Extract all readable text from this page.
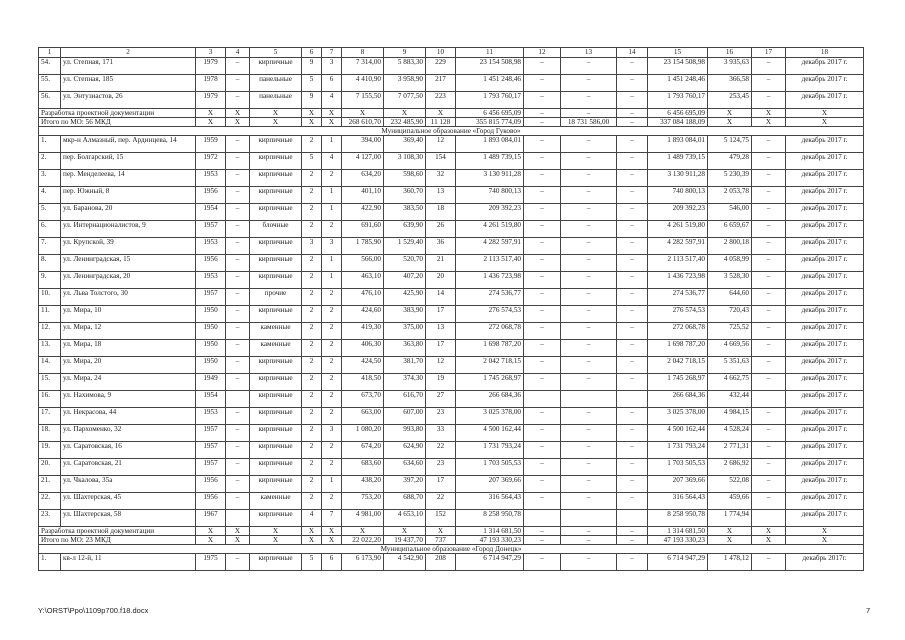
1	2	3	4	5	6	7	8	9	10	11	12	13	14	15	16	17	18
54.	ул. Степная, 171	1979	–	кирпичные	9	3	7 314,00	5 883,30	229	23 154 508,98	–	–	–	23 154 508,98	3 935,63	–	декабрь 2017 г.
55.	ул. Степная, 185	1978	–	панельные	5	6	4 410,90	3 958,90	217	1 451 248,46	–	–	–	1 451 248,46	366,58	–	декабрь 2017 г.
56.	ул. Энтузиастов, 26	1979	–	панельные	9	4	7 155,50	7 077,50	223	1 793 760,17	–	–	–	1 793 760,17	253,45	–	декабрь 2017 г.
Разработка проектной документации		X	X	X	X	X	X	X	X	6 456 695,09	–	–	–	6 456 695,09	X	X	X
Итого по МО: 56 МКД		X	X	X	X	X	268 610,70	232 485,90	11 128	355 815 774,09	–	18 731 586,00	–	337 084 188,09	X	X	X
Муниципальное образование «Город Гуково»																	
1.	мкр-н Алмазный, пер. Ардинцева, 14	1959	–	кирпичные	2	1	394,00	369,40	12	1 893 084,01	–	–	–	1 893 084,01	5 124,75	–	декабрь 2017 г.
2.	пер. Болгарский, 15	1972	–	кирпичные	5	4	4 127,00	3 108,30	154	1 489 739,15	–	–	–	1 489 739,15	479,28	–	декабрь 2017 г.
3.	пер. Менделеева, 14	1953	–	кирпичные	2	2	634,20	598,60	32	3 130 911,28	–	–	–	3 130 911,28	5 230,39	–	декабрь 2017 г.
4.	пер. Южный, 8	1956	–	кирпичные	2	1	401,10	360,70	13	740 800,13	–	–	–	740 800,13	2 053,78	–	декабрь 2017 г.
5.	ул. Барановa, 20	1954	–	кирпичные	2	1	422,90	383,50	18	209 392,23	–	–	–	209 392,23	546,00	–	декабрь 2017 г.
6.	ул. Интернационалистов, 9	1957	–	блочные	2	2	691,60	639,90	26	4 261 519,80	–	–	–	4 261 519,80	6 659,67	–	декабрь 2017 г.
7.	ул. Крупской, 39	1953	–	кирпичные	3	3	1 785,90	1 529,40	36	4 282 597,91	–	–	–	4 282 597,91	2 800,18	–	декабрь 2017 г.
8.	ул. Ленинградская, 15	1956	–	кирпичные	2	1	566,00	520,70	21	2 113 517,40	–	–	–	2 113 517,40	4 058,99	–	декабрь 2017 г.
9.	ул. Ленинградская, 20	1953	–	кирпичные	2	1	463,10	407,20	20	1 436 723,98	–	–	–	1 436 723,98	3 528,30	–	декабрь 2017 г.
10.	ул. Льва Толстого, 30	1957	–	прочие	2	2	476,10	425,90	14	274 536,77	–	–	–	274 536,77	644,60	–	декабрь 2017 г.
11.	ул. Мира, 10	1950	–	кирпичные	2	2	424,60	383,90	17	276 574,53	–	–	–	276 574,53	720,43	–	декабрь 2017 г.
12.	ул. Мира, 12	1950	–	каменные	2	2	419,30	375,00	13	272 068,78	–	–	–	272 068,78	725,52	–	декабрь 2017 г.
13.	ул. Мира, 18	1950	–	каменные	2	2	406,30	363,80	17	1 698 787,20	–	–	–	1 698 787,20	4 669,56	–	декабрь 2017 г.
14.	ул. Мира, 20	1950	–	кирпичные	2	2	424,50	381,70	12	2 042 718,15	–	–	–	2 042 718,15	5 351,63	–	декабрь 2017 г.
15.	ул. Мира, 24	1949	–	кирпичные	2	2	418,50	374,30	19	1 745 268,97	–	–	–	1 745 268,97	4 662,75	–	декабрь 2017 г.
16.	ул. Нахимова, 9	1954		кирпичные	2	2	673,70	616,70	27	266 684,36				266 684,36	432,44		декабрь 2017 г.
17.	ул. Некрасова, 44	1953	–	кирпичные	2	2	663,00	607,00	23	3 025 378,00	–	–	–	3 025 378,00	4 984,15	–	декабрь 2017 г.
18.	ул. Пархоменко, 32	1957	–	кирпичные	2	3	1 080,20	993,80	33	4 500 162,44	–	–	–	4 500 162,44	4 528,24	–	декабрь 2017 г.
19.	ул. Саратовская, 16	1957	–	кирпичные	2	2	674,20	624,90	22	1 731 793,24	–	–	–	1 731 793,24	2 771,31	–	декабрь 2017 г.
20.	ул. Саратовская, 21	1957	–	кирпичные	2	2	683,60	634,60	23	1 703 505,53	–	–	–	1 703 505,53	2 686,92	–	декабрь 2017 г.
21.	ул. Чкалова, 35а	1956	–	кирпичные	2	1	438,20	397,20	17	207 369,66	–	–	–	207 369,66	522,08	–	декабрь 2017 г.
22.	ул. Шахтерская, 45	1956	–	каменные	2	2	753,20	688,70	22	316 564,43	–	–	–	316 564,43	459,66	–	декабрь 2017 г.
23.	ул. Шахтерская, 58	1967		кирпичные	4	7	4 981,00	4 653,10	152	8 258 950,78				8 258 950,78	1 774,94		декабрь 2017 г.
Разработка проектной документации		X	X	X	X	X	X	X	X	1 314 681,50	–	–	–	1 314 681,50	X	X	X
Итого по МО: 23 МКД		X	X	X	X	X	22 022,20	19 437,70	737	47 193 330,23	–	–	–	47 193 330,23	X	X	X
Муниципальное образование «Город Донецк»																	
1.	кв-л 12-й, 11	1975	–	кирпичные	5	6	6 173,90	4 542,90	208	6 714 947,29	–	–	–	6 714 947,29	1 478,12	–	декабрь 2017г.
Y:\ORST\Ppo\1109p700.f18.docx	7
